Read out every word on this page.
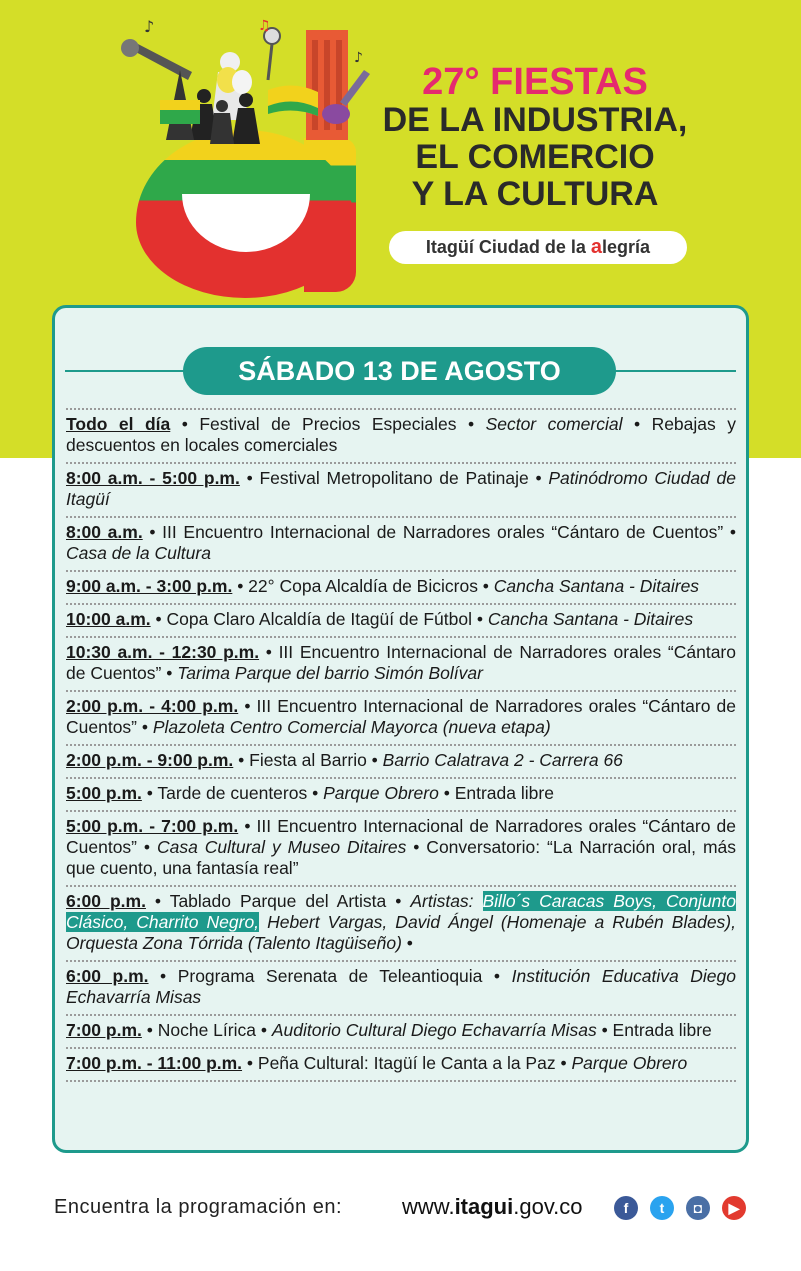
♪	♫
♪
27° FIESTAS
DE LA INDUSTRIA,
EL COMERCIO
Y LA CULTURA
Itagüí Ciudad de la alegría
SÁBADO 13 DE AGOSTO
Todo el día • Festival de Precios Especiales • Sector comercial • Rebajas y descuentos en locales comerciales
8:00 a.m. - 5:00 p.m. • Festival Metropolitano de Patinaje • Patinódromo Ciudad de Itagüí
8:00 a.m. • III Encuentro Internacional de Narradores orales “Cántaro de Cuentos” • Casa de la Cultura
9:00 a.m. - 3:00 p.m. • 22° Copa Alcaldía de Bicicros • Cancha Santana - Ditaires
10:00 a.m. • Copa Claro Alcaldía de Itagüí de Fútbol • Cancha Santana - Ditaires
10:30 a.m. - 12:30 p.m. • III Encuentro Internacional de Narradores orales “Cántaro de Cuentos” • Tarima Parque del barrio Simón Bolívar
2:00 p.m. - 4:00 p.m. • III Encuentro Internacional de Narradores orales “Cántaro de Cuentos” • Plazoleta Centro Comercial Mayorca (nueva etapa)
2:00 p.m. - 9:00 p.m. • Fiesta al Barrio • Barrio Calatrava 2 - Carrera 66
5:00 p.m. • Tarde de cuenteros • Parque Obrero • Entrada libre
5:00 p.m. - 7:00 p.m. • III Encuentro Internacional de Narradores orales “Cántaro de Cuentos” • Casa Cultural y Museo Ditaires • Conversatorio: “La Narración oral, más que cuento, una fantasía real”
6:00 p.m. • Tablado Parque del Artista • Artistas: Billo´s Caracas Boys, Conjunto Clásico, Charrito Negro, Hebert Vargas, David Ángel (Homenaje a Rubén Blades), Orquesta Zona Tórrida (Talento Itagüiseño) •
6:00 p.m. • Programa Serenata de Teleantioquia • Institución Educativa Diego Echavarría Misas
7:00 p.m. • Noche Lírica • Auditorio Cultural Diego Echavarría Misas • Entrada libre
7:00 p.m. - 11:00 p.m. • Peña Cultural: Itagüí le Canta a la Paz • Parque Obrero
Encuentra la programación en:	www.itagui.gov.co	f	t	◘	▶
